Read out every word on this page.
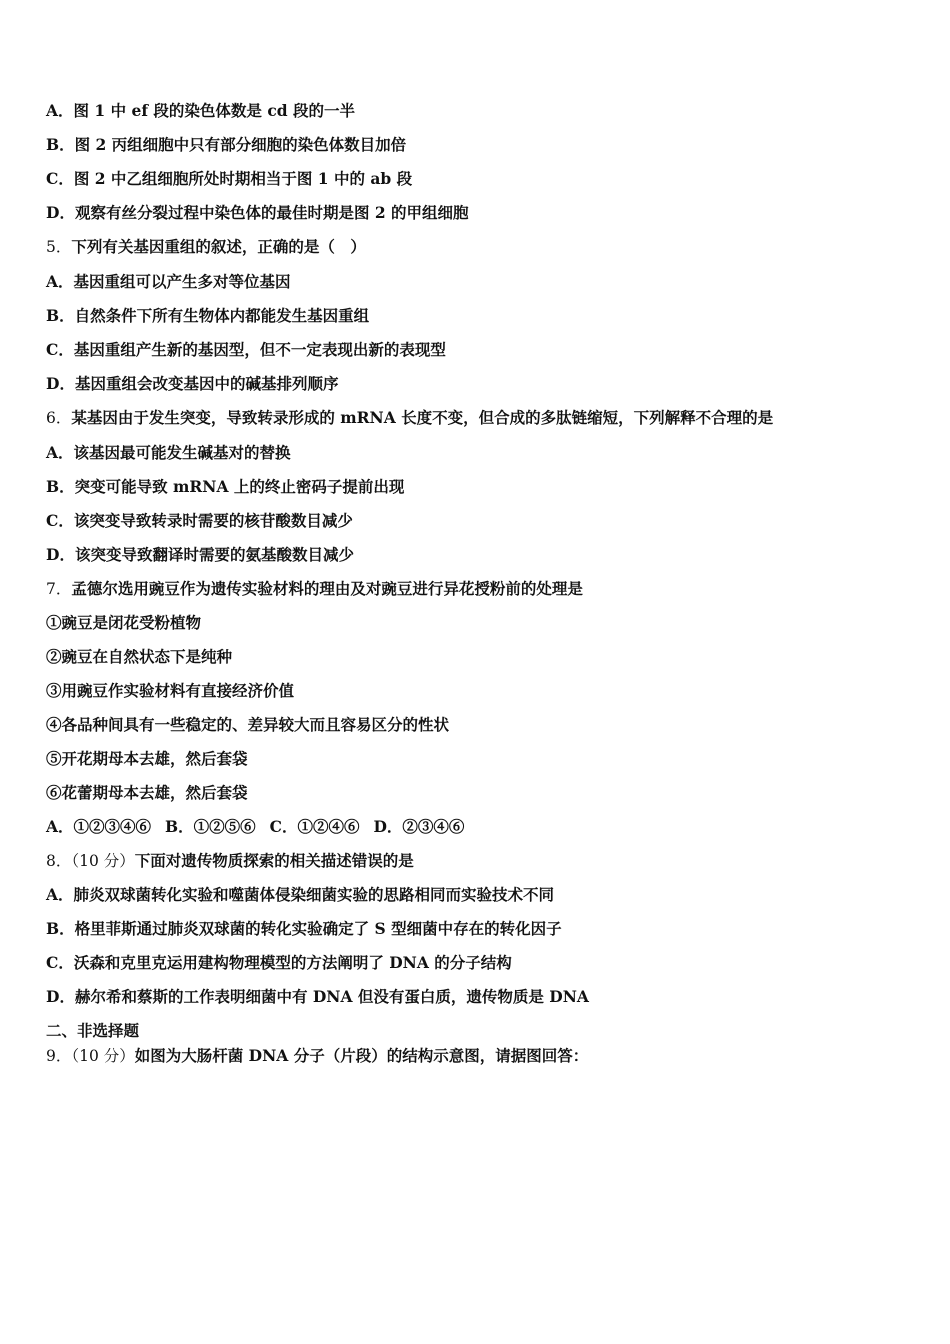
A．图 1 中 ef 段的染色体数是 cd 段的一半
B．图 2 丙组细胞中只有部分细胞的染色体数目加倍
C．图 2 中乙组细胞所处时期相当于图 1 中的 ab 段
D．观察有丝分裂过程中染色体的最佳时期是图 2 的甲组细胞
5．下列有关基因重组的叙述，正确的是（　）
A．基因重组可以产生多对等位基因
B．自然条件下所有生物体内都能发生基因重组
C．基因重组产生新的基因型，但不一定表现出新的表现型
D．基因重组会改变基因中的碱基排列顺序
6．某基因由于发生突变，导致转录形成的 mRNA 长度不变，但合成的多肽链缩短，下列解释不合理的是
A．该基因最可能发生碱基对的替换
B．突变可能导致 mRNA 上的终止密码子提前出现
C．该突变导致转录时需要的核苷酸数目减少
D．该突变导致翻译时需要的氨基酸数目减少
7．孟德尔选用豌豆作为遗传实验材料的理由及对豌豆进行异花授粉前的处理是
①豌豆是闭花受粉植物
②豌豆在自然状态下是纯种
③用豌豆作实验材料有直接经济价值
④各品种间具有一些稳定的、差异较大而且容易区分的性状
⑤开花期母本去雄，然后套袋
⑥花蕾期母本去雄，然后套袋
A．①②③④⑥ B．①②⑤⑥ C．①②④⑥ D．②③④⑥
8．（10 分）下面对遗传物质探索的相关描述错误的是
A．肺炎双球菌转化实验和噬菌体侵染细菌实验的思路相同而实验技术不同
B．格里菲斯通过肺炎双球菌的转化实验确定了 S 型细菌中存在的转化因子
C．沃森和克里克运用建构物理模型的方法阐明了 DNA 的分子结构
D．赫尔希和蔡斯的工作表明细菌中有 DNA 但没有蛋白质，遗传物质是 DNA
二、非选择题
9．（10 分）如图为大肠杆菌 DNA 分子（片段）的结构示意图，请据图回答：
